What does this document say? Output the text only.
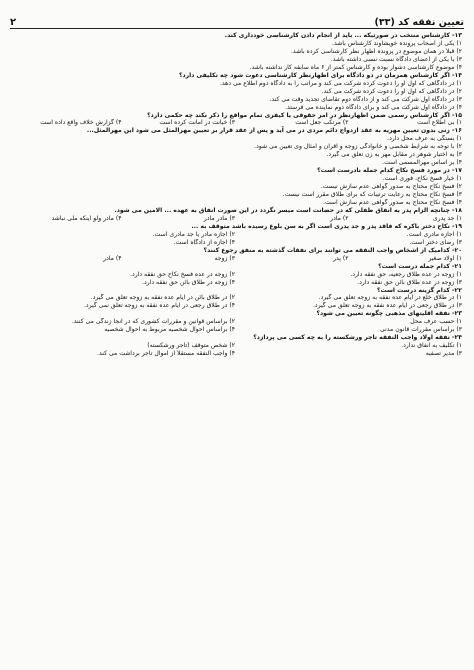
تعیین نفقه کد (۳۳)
۲
۱۳- کارشناس منتخب در صورتیکه ... باید از انجام دادن کارشناسی خودداری کند.
۱) یکی از اصحاب پرونده خویشاوند کارشناس باشد.
۲) قبلاً در همان موضوع در پرونده اظهار نظر کارشناسی کرده باشد.
۳) با یکی از اعضای دادگاه نسبت نسبی داشته باشد.
۴) موضوع کارشناسی دشوار بوده و کارشناس کمتر از ۶ ماه سابقه کار نداشته باشد.
۱۴- اگر کارشناس همزمان در دو دادگاه برای اظهارنظر کارشناسی دعوت شود چه تکلیفی دارد؟
۱) در دادگاهی که اول او را دعوت کرده شرکت می کند و مراتب را به دادگاه دوم اطلاع می دهد.
۲) در دادگاهی که اول او را دعوت کرده شرکت می کند.
۳) در دادگاه اول شرکت می کند و از دادگاه دوم تقاضای تجدید وقت می کند.
۴) در دادگاه اول شرکت می کند و برای دادگاه دوم نماینده می فرستد.
۱۵- اگر کارشناس رسمی ضمن اظهارنظر در امر حقوقی یا کیفری تمام مواقع را ذکر نکند چه حکمی دارد؟
۱) بی اطلاع است
۲) مرتکب جعل است
۳) خیانت در امانت کرده است
۴) گزارش خلاف واقع داده است
۱۶- زنی بدون تعیین مهریه به عقد ازدواج دائم مردی در می آید و پس از عقد قرار بر تعیین مهرالمثل می شود این مهرالمثل...
۱) بستگی به عرف محل دارد.
۲) با توجه به شرایط شخصی و خانوادگی زوجه و اقران و امثال وی تعیین می شود.
۳) به اختیار شوهر در مقابل مهر به زن تعلق می گیرد.
۴) بر اساس مهرالمسمی است.
۱۷- در مورد فسخ نکاح کدام جمله نادرست است؟
۱) خیار فسخ نکاح، فوری است.
۲) فسخ نکاح محتاج به صدور گواهی عدم سازش نیست.
۳) فسخ نکاح محتاج به رعایت ترتیبات که برای طلاق مقرر است نیست.
۴) فسخ نکاح محتاج به صدور گواهی عدم سازش است.
۱۸- چنانچه الزام پدر به انفاق طفلی که در حضانت است میسر نگردد در این صورت انفاق به عهده ... الامین می شود.
۱) جد پدری
۲) مادر
۳) مادر مادر
۴) مادر ولو اینکه ملی نباشد
۱۹- نکاح دختر باکره که فاقد پدر و جد پدری است اگر به سن بلوغ رسیده باشد متوقف به ...
۱) اجازه مادری است.
۲) اجازه مادر یا جد مادری است.
۳) رضای دختر است.
۴) اجازه از دادگاه است.
۲۰- کدامیک از اشخاص واجب النفقه می توانند برای نفقات گذشته به منفق رجوع کنند؟
۱) اولاد صغیر
۲) پدر
۳) زوجه
۴) مادر
۲۱- کدام جمله درست است؟
۱) زوجه در عده طلاق رجعیه، حق نفقه دارد.
۲) زوجه در عده فسخ نکاح حق نفقه دارد.
۳) زوجه در عده طلاق بائن حق نفقه دارد.
۴) زوجه در طلاق بائن حق نفقه دارد.
۲۲- کدام گزینه درست است؟
۱) در طلاق خلع در ایام عده نفقه به زوجه تعلق می گیرد.
۲) در طلاق بائن در ایام عده نفقه به زوجه تعلق می گیرد.
۳) در طلاق رجعی در ایام عده نفقه به زوجه تعلق می گیرد.
۴) در طلاق رجعی در ایام عده نفقه به زوجه تعلق نمی گیرد.
۲۳- نفقه اقلیتهای مذهبی چگونه تعیین می شود؟
۱) حسب عرف محل
۲) براساس قوانین و مقررات کشوری که در آنجا زندگی می کنند.
۳) براساس مقررات قانون مدنی
۴) براساس احوال شخصیه مربوط به احوال شخصیه
۲۴- نفقه اولاد واجب النفقه تاجر ورشکسته را به چه کسی می پردازد؟
۱) تکلیف به انفاق ندارد.
۲) شخص متوقف (تاجر ورشکسته)
۳) مدیر تصفیه
۴) واجب النفقه مستقلاً از اموال تاجر برداشت می کند.
